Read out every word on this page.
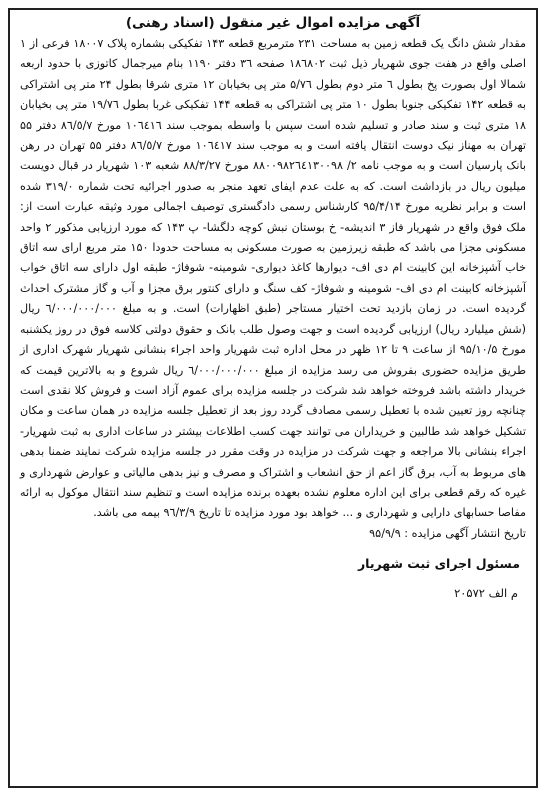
آگهی مزایده اموال غیر منقول (اسناد رهنی)

مقدار شش دانگ یک قطعه زمین به مساحت ۲۳۱ مترمربع قطعه ۱۴۳ تفکیکی بشماره پلاک ۱۸۰۰۷ فرعی از ۱ اصلی واقع در هفت جوی شهریار ذیل ثبت ۱۸٦٨٠٢ صفحه ٣٦ دفتر ۱۱۹۰ بنام میرجمال کاتوزی با حدود اربعه شمالا اول بصورت پخ بطول ٦ متر دوم بطول ۵/٧٦ متر پی بخیابان ۱۲ متری شرقا بطول ۲۴ متر پی اشتراکی به قطعه ۱۴۲ تفکیکی جنوبا بطول ۱۰ متر پی اشتراکی به قطعه ۱۴۴ تفکیکی غربا بطول ۱۹/٧٦ متر پی بخیابان ۱۸ متری ثبت و سند صادر و تسلیم شده است سپس با واسطه بموجب سند ۱۰٦٤١٦ مورخ ٨٦/٥/٧ دفتر ۵۵ تهران به مهناز نیک دوست انتقال یافته است و به موجب سند ۱۰٦٤١٧ مورخ ٨٦/٥/٧ دفتر ۵۵ تهران در رهن بانک پارسیان است و به موجب نامه ۲/ ۸۸۰۰۹۸۲٦٤۱۳۰۰۹۸ مورخ ۸۸/۳/۲۷ شعبه ۱۰۳ شهریار در قبال دویست میلیون ریال در بازداشت است. که به علت عدم ایفای تعهد منجر به صدور اجرائیه تحت شماره ۳۱۹/۰ شده است و برابر نظریه مورخ ۹۵/۴/۱۴ کارشناس رسمی دادگستری توصیف اجمالی مورد وثیقه عبارت است از: ملک فوق واقع در شهریار فاز ۳ اندیشه- خ بوستان نبش کوچه دلگشا- پ ۱۴۳ که مورد ارزیابی مذکور ۲ واحد مسکونی مجزا می باشد که طبقه زیرزمین به صورت مسکونی به مساحت حدودا ۱۵۰ متر مربع ارای سه اتاق خاب آشپزخانه این کابینت ام دی اف- دیوارها کاغذ دیواری- شومینه- شوفاژ- طبقه اول دارای سه اتاق خواب آشپزخانه کابینت ام دی اف- شومینه و شوفاژ- کف سنگ و دارای کنتور برق مجزا و آب و گاز مشترک احداث گردیده است. در زمان بازدید تحت اختیار مستاجر (طبق اظهارات) است. و به مبلغ ٦/٠٠٠/٠٠٠/٠٠٠ ریال (شش میلیارد ریال) ارزیابی گردیده است و جهت وصول طلب بانک و حقوق دولتی کلاسه فوق در روز یکشنبه مورخ ۹۵/۱۰/۵ از ساعت ۹ تا ۱۲ ظهر در محل اداره ثبت شهریار واحد اجراء بنشانی شهریار شهرک اداری از طریق مزایده حضوری بفروش می رسد مزایده از مبلغ ٦/٠٠٠/٠٠٠/٠٠٠ ریال شروع و به بالاترین قیمت که خریدار داشته باشد فروخته خواهد شد شرکت در جلسه مزایده برای عموم آزاد است و فروش کلا نقدی است چنانچه روز تعیین شده با تعطیل رسمی مصادف گردد روز بعد از تعطیل جلسه مزایده در همان ساعت و مکان تشکیل خواهد شد طالبین و خریداران می توانند جهت کسب اطلاعات بیشتر در ساعات اداری به ثبت شهریار- اجراء بنشانی بالا مراجعه و جهت شرکت در مزایده در وقت مقرر در جلسه مزایده شرکت نمایند ضمنا بدهی های مربوط به آب، برق گاز اعم از حق انشعاب و اشتراک و مصرف و نیز بدهی مالیاتی و عوارض شهرداری و غیره که رقم قطعی برای این اداره معلوم نشده بعهده برنده مزایده است و تنظیم سند انتقال موکول به ارائه مفاصا حسابهای دارایی و شهرداری و ... خواهد بود مورد مزایده تا تاریخ ۹٦/٣/٩ بیمه می باشد.

تاریخ انتشار آگهی مزایده : ۹۵/۹/۹

مسئول اجرای ثبت شهریار
م الف ۲۰۵۷۲
